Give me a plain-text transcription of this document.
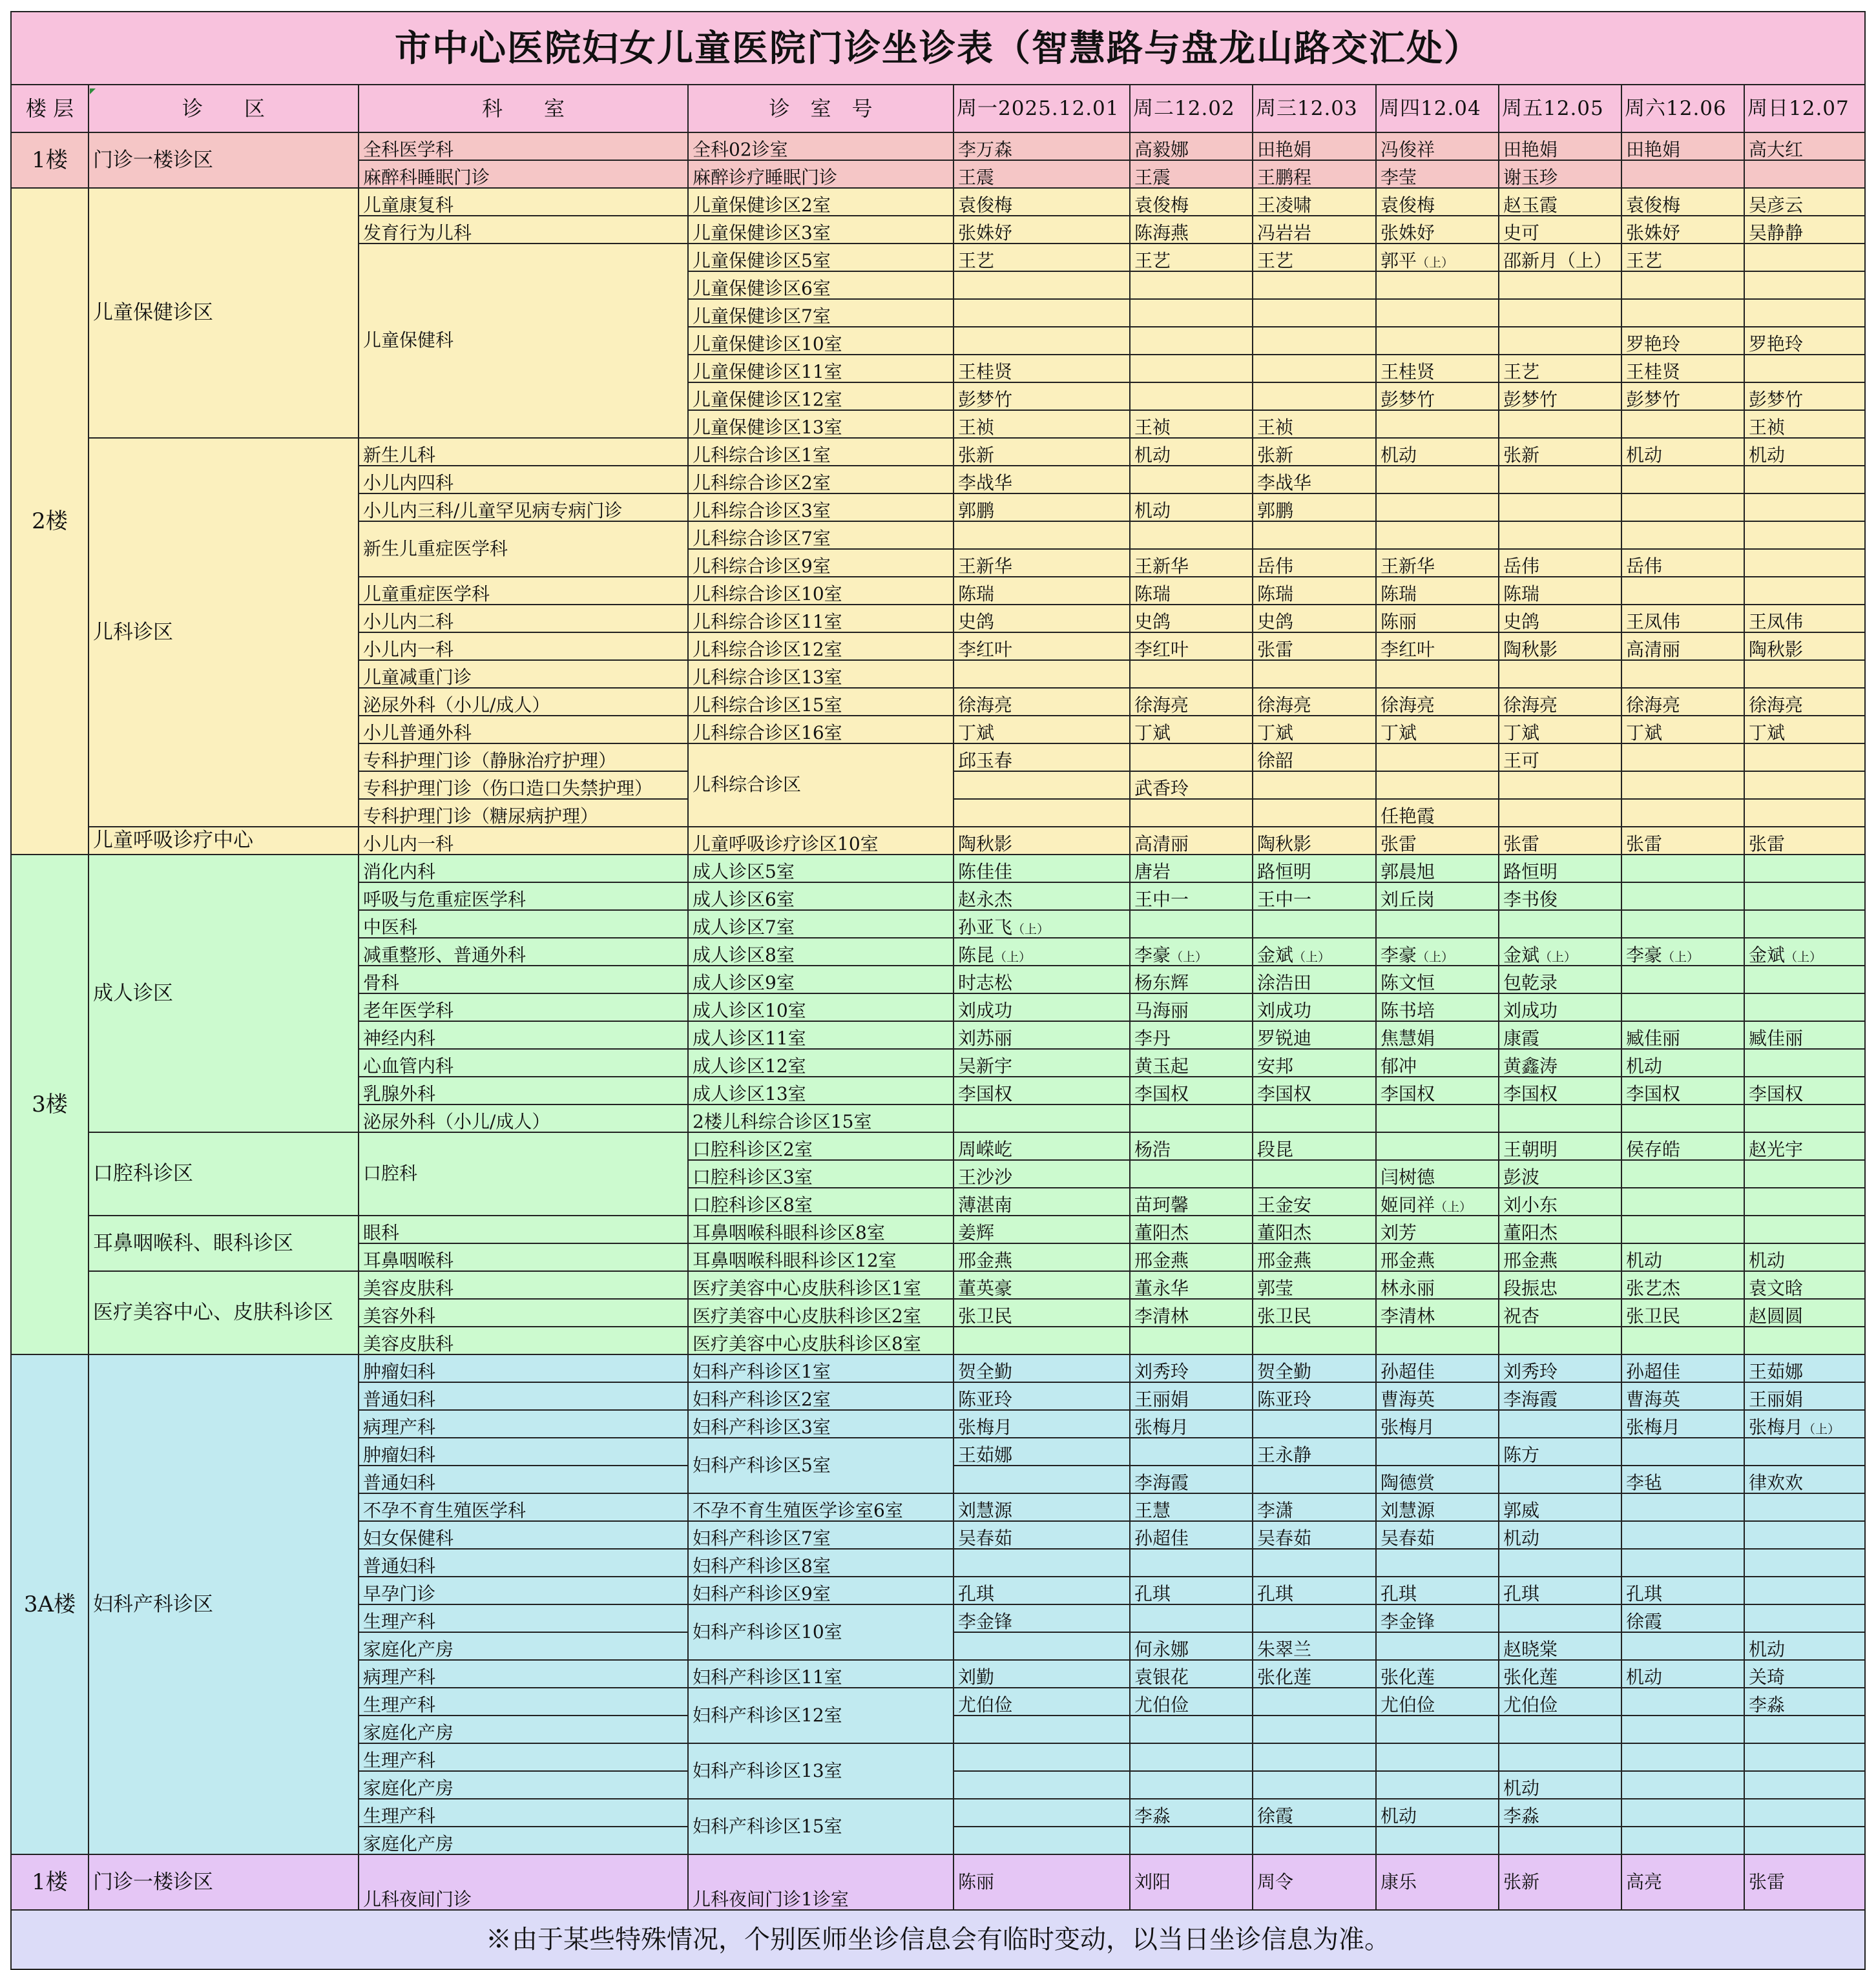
市中心医院妇女儿童医院门诊坐诊表（智慧路与盘龙山路交汇处）										
楼 层	诊　　区	科　　室	诊　室　号	周一2025.12.01	周二12.02	周三12.03	周四12.04	周五12.05	周六12.06	周日12.07
1楼	门诊一楼诊区	全科医学科	全科02诊室	李万森	高毅娜	田艳娟	冯俊祥	田艳娟	田艳娟	高大红
		麻醉科睡眠门诊	麻醉诊疗睡眠门诊	王震	王震	王鹏程	李莹	谢玉珍		
2楼	儿童保健诊区	儿童康复科	儿童保健诊区2室	袁俊梅	袁俊梅	王凌啸	袁俊梅	赵玉霞	袁俊梅	吴彦云
		发育行为儿科	儿童保健诊区3室	张姝妤	陈海燕	冯岩岩	张姝妤	史可	张姝妤	吴静静
		儿童保健科	儿童保健诊区5室	王艺	王艺	王艺	郭平（上）	邵新月（上）	王艺	
			儿童保健诊区6室							
			儿童保健诊区7室							
			儿童保健诊区10室						罗艳玲	罗艳玲
			儿童保健诊区11室	王桂贤			王桂贤	王艺	王桂贤	
			儿童保健诊区12室	彭梦竹			彭梦竹	彭梦竹	彭梦竹	彭梦竹
			儿童保健诊区13室	王祯	王祯	王祯				王祯
	儿科诊区	新生儿科	儿科综合诊区1室	张新	机动	张新	机动	张新	机动	机动
		小儿内四科	儿科综合诊区2室	李战华		李战华				
		小儿内三科/儿童罕见病专病门诊	儿科综合诊区3室	郭鹏	机动	郭鹏				
		新生儿重症医学科	儿科综合诊区7室							
			儿科综合诊区9室	王新华	王新华	岳伟	王新华	岳伟	岳伟	
		儿童重症医学科	儿科综合诊区10室	陈瑞	陈瑞	陈瑞	陈瑞	陈瑞		
		小儿内二科	儿科综合诊区11室	史鸽	史鸽	史鸽	陈丽	史鸽	王凤伟	王凤伟
		小儿内一科	儿科综合诊区12室	李红叶	李红叶	张雷	李红叶	陶秋影	高清丽	陶秋影
		儿童减重门诊	儿科综合诊区13室							
		泌尿外科（小儿/成人）	儿科综合诊区15室	徐海亮	徐海亮	徐海亮	徐海亮	徐海亮	徐海亮	徐海亮
		小儿普通外科	儿科综合诊区16室	丁斌	丁斌	丁斌	丁斌	丁斌	丁斌	丁斌
		专科护理门诊（静脉治疗护理）	儿科综合诊区	邱玉春		徐韶		王可		
		专科护理门诊（伤口造口失禁护理）			武香玲					
		专科护理门诊（糖尿病护理）					任艳霞			
	儿童呼吸诊疗中心	小儿内一科	儿童呼吸诊疗诊区10室	陶秋影	高清丽	陶秋影	张雷	张雷	张雷	张雷
3楼	成人诊区	消化内科	成人诊区5室	陈佳佳	唐岩	路恒明	郭晨旭	路恒明		
		呼吸与危重症医学科	成人诊区6室	赵永杰	王中一	王中一	刘丘岗	李书俊		
		中医科	成人诊区7室	孙亚飞（上）						
		减重整形、普通外科	成人诊区8室	陈昆（上）	李豪（上）	金斌（上）	李豪（上）	金斌（上）	李豪（上）	金斌（上）
		骨科	成人诊区9室	时志松	杨东辉	涂浩田	陈文恒	包乾录		
		老年医学科	成人诊区10室	刘成功	马海丽	刘成功	陈书培	刘成功		
		神经内科	成人诊区11室	刘苏丽	李丹	罗锐迪	焦慧娟	康霞	臧佳丽	臧佳丽
		心血管内科	成人诊区12室	吴新宇	黄玉起	安邦	郁冲	黄鑫涛	机动	
		乳腺外科	成人诊区13室	李国权	李国权	李国权	李国权	李国权	李国权	李国权
		泌尿外科（小儿/成人）	2楼儿科综合诊区15室							
	口腔科诊区	口腔科	口腔科诊区2室	周嵘屹	杨浩	段昆		王朝明	侯存皓	赵光宇
			口腔科诊区3室	王沙沙			闫树德	彭波		
			口腔科诊区8室	薄湛南	苗珂馨	王金安	姬同祥（上）	刘小东		
	耳鼻咽喉科、眼科诊区	眼科	耳鼻咽喉科眼科诊区8室	姜辉	董阳杰	董阳杰	刘芳	董阳杰		
		耳鼻咽喉科	耳鼻咽喉科眼科诊区12室	邢金燕	邢金燕	邢金燕	邢金燕	邢金燕	机动	机动
	医疗美容中心、皮肤科诊区	美容皮肤科	医疗美容中心皮肤科诊区1室	董英豪	董永华	郭莹	林永丽	段振忠	张艺杰	袁文晗
		美容外科	医疗美容中心皮肤科诊区2室	张卫民	李清林	张卫民	李清林	祝杏	张卫民	赵圆圆
		美容皮肤科	医疗美容中心皮肤科诊区8室							
3A楼	妇科产科诊区	肿瘤妇科	妇科产科诊区1室	贺全勤	刘秀玲	贺全勤	孙超佳	刘秀玲	孙超佳	王茹娜
		普通妇科	妇科产科诊区2室	陈亚玲	王丽娟	陈亚玲	曹海英	李海霞	曹海英	王丽娟
		病理产科	妇科产科诊区3室	张梅月	张梅月		张梅月		张梅月	张梅月（上）
		肿瘤妇科	妇科产科诊区5室	王茹娜		王永静		陈方		
		普通妇科			李海霞		陶德赏		李毡	律欢欢
		不孕不育生殖医学科	不孕不育生殖医学诊室6室	刘慧源	王慧	李潇	刘慧源	郭威		
		妇女保健科	妇科产科诊区7室	吴春茹	孙超佳	吴春茹	吴春茹	机动		
		普通妇科	妇科产科诊区8室							
		早孕门诊	妇科产科诊区9室	孔琪	孔琪	孔琪	孔琪	孔琪	孔琪	
		生理产科	妇科产科诊区10室	李金锋			李金锋		徐霞	
		家庭化产房			何永娜	朱翠兰		赵晓棠		机动
		病理产科	妇科产科诊区11室	刘勤	袁银花	张化莲	张化莲	张化莲	机动	关琦
		生理产科	妇科产科诊区12室	尤伯俭	尤伯俭		尤伯俭	尤伯俭		李淼
		家庭化产房								
		生理产科	妇科产科诊区13室							
		家庭化产房						机动		
		生理产科	妇科产科诊区15室		李淼	徐霞	机动	李淼		
		家庭化产房								
1楼	门诊一楼诊区	儿科夜间门诊	儿科夜间门诊1诊室	陈丽	刘阳	周令	康乐	张新	高亮	张雷
※由于某些特殊情况，个别医师坐诊信息会有临时变动，以当日坐诊信息为准。										
